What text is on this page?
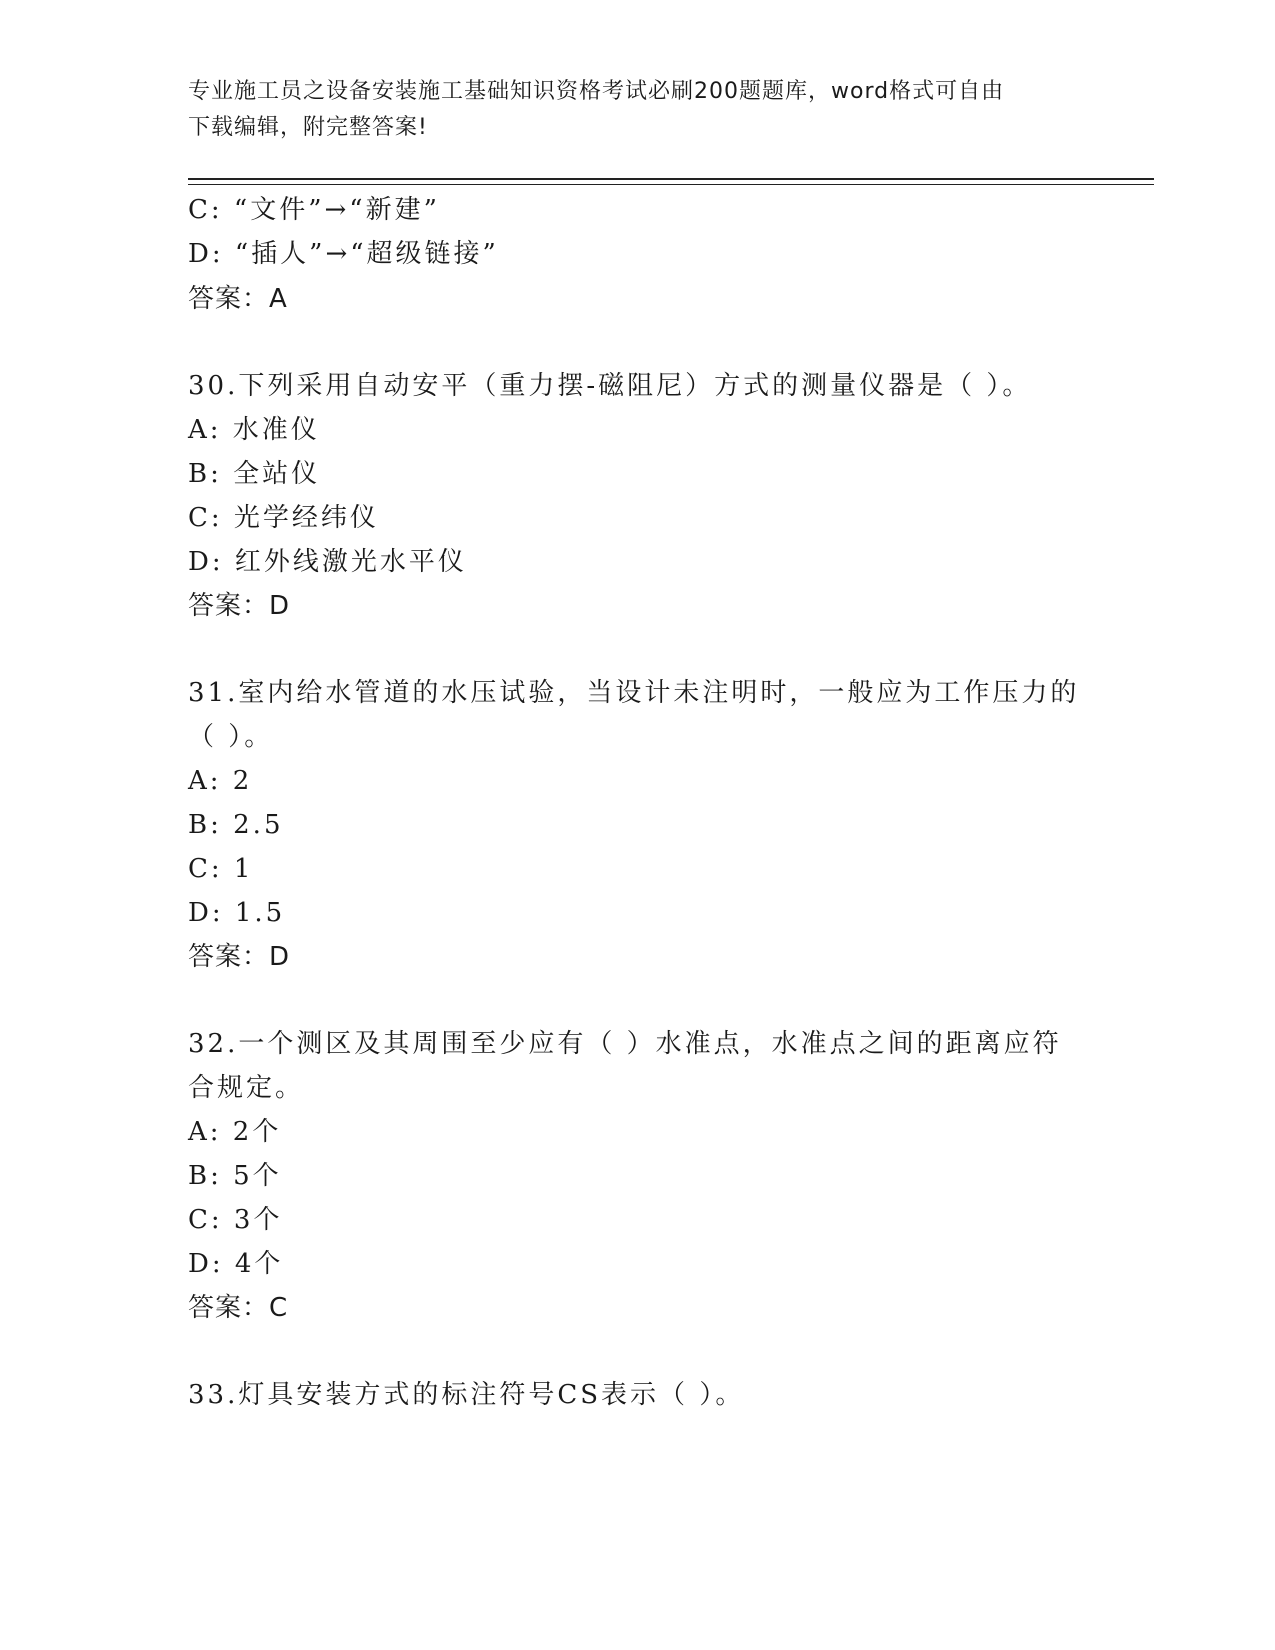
专业施工员之设备安装施工基础知识资格考试必刷200题题库，word格式可自由
下载编辑，附完整答案!
C: “文件”→“新建”
D: “插人”→“超级链接”
答案：A
30.下列采用自动安平（重力摆-磁阻尼）方式的测量仪器是（ ）。
A: 水准仪
B: 全站仪
C: 光学经纬仪
D: 红外线激光水平仪
答案：D
31.室内给水管道的水压试验，当设计未注明时，一般应为工作压力的
（ ）。
A: 2
B: 2.5
C: 1
D: 1.5
答案：D
32.一个测区及其周围至少应有（ ）水准点，水准点之间的距离应符
合规定。
A: 2个
B: 5个
C: 3个
D: 4个
答案：C
33.灯具安装方式的标注符号CS表示（ ）。
